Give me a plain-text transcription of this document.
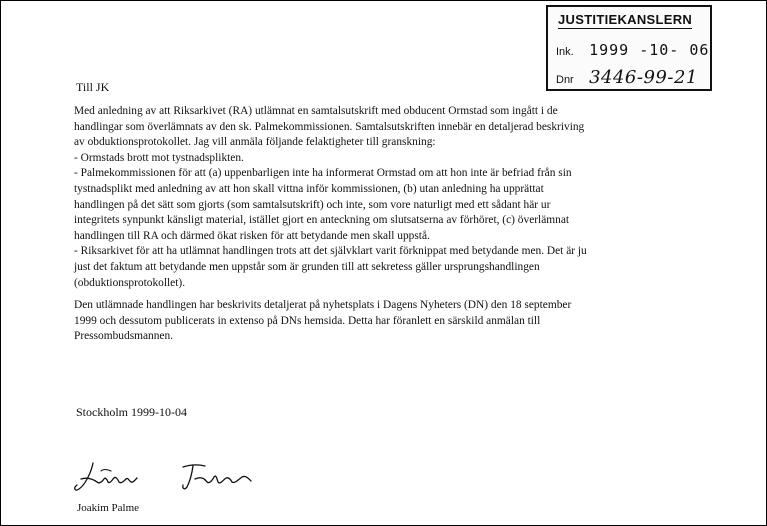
JUSTITIEKANSLERN
Ink. 1999 -10- 06
Dnr 3446-99-21
Till JK
Med anledning av att Riksarkivet (RA) utlämnat en samtalsutskrift med obducent Ormstad som ingått i de
handlingar som överlämnats av den sk. Palmekommissionen. Samtalsutskriften innebär en detaljerad beskriving
av obduktionsprotokollet. Jag vill anmäla följande felaktigheter till granskning:
- Ormstads brott mot tystnadsplikten.
- Palmekommissionen för att (a) uppenbarligen inte ha informerat Ormstad om att hon inte är befriad från sin
tystnadsplikt med anledning av att hon skall vittna inför kommissionen, (b) utan anledning ha upprättat
handlingen på det sätt som gjorts (som samtalsutskrift) och inte, som vore naturligt med ett sådant här ur
integritets synpunkt känsligt material, istället gjort en anteckning om slutsatserna av förhöret, (c) överlämnat
handlingen till RA och därmed ökat risken för att betydande men skall uppstå.
- Riksarkivet för att ha utlämnat handlingen trots att det självklart varit förknippat med betydande men. Det är ju
just det faktum att betydande men uppstår som är grunden till att sekretess gäller ursprungshandlingen
(obduktionsprotokollet).
Den utlämnade handlingen har beskrivits detaljerat på nyhetsplats i Dagens Nyheters (DN) den 18 september
1999 och dessutom publicerats in extenso på DNs hemsida. Detta har föranlett en särskild anmälan till
Pressombudsmannen.
Stockholm 1999-10-04
Joakim Palme
